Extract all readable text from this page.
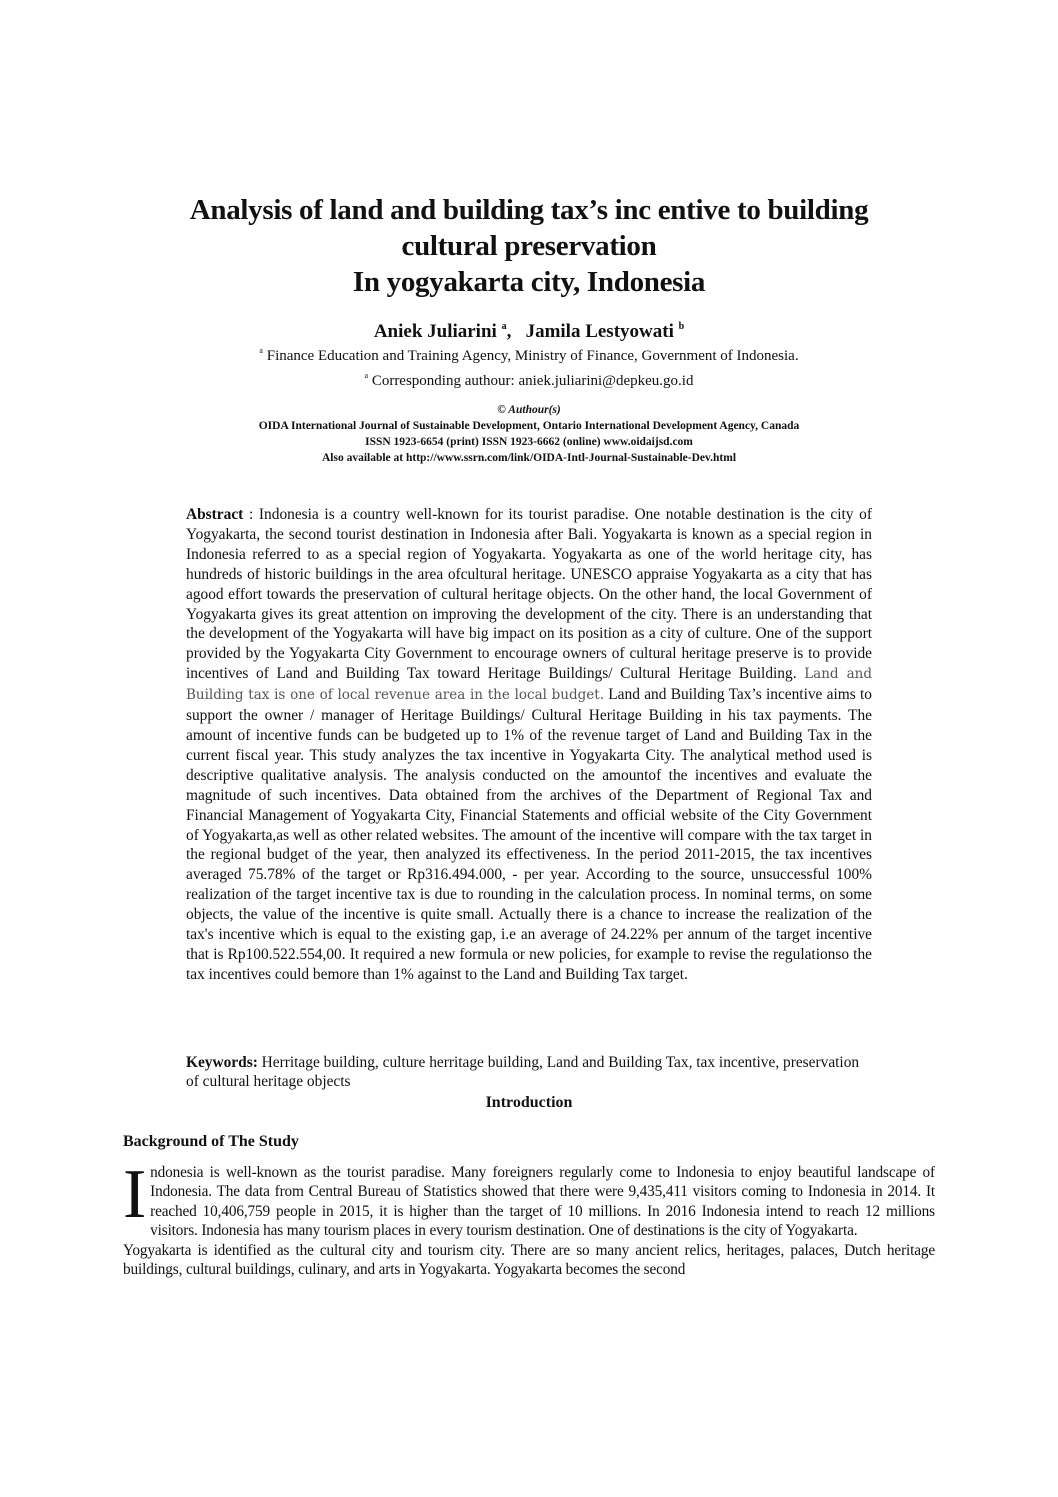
Analysis of land and building tax’s inc entive to building
cultural preservation
In yogyakarta city, Indonesia
Aniek Juliarini $^a$,   Jamila Lestyowati $^b$
$^a$ Finance Education and Training Agency, Ministry of Finance, Government of Indonesia.
$^a$ Corresponding authour: aniek.juliarini@depkeu.go.id
© Authour(s)
OIDA International Journal of Sustainable Development, Ontario International Development Agency, Canada
ISSN 1923-6654 (print) ISSN 1923-6662 (online) www.oidaijsd.com
Also available at http://www.ssrn.com/link/OIDA-Intl-Journal-Sustainable-Dev.html

Abstract : Indonesia is a country well-known for its tourist paradise. One notable destination is the city of Yogyakarta, the second tourist destination in Indonesia after Bali. Yogyakarta is known as a special region in Indonesia referred to as a special region of Yogyakarta. Yogyakarta as one of the world heritage city, has hundreds of historic buildings in the area ofcultural heritage. UNESCO appraise Yogyakarta as a city that has agood effort towards the preservation of cultural heritage objects. On the other hand, the local Government of Yogyakarta gives its great attention on improving the development of the city. There is an understanding that the development of the Yogyakarta will have big impact on its position as a city of culture. One of the support provided by the Yogyakarta City Government to encourage owners of cultural heritage preserve is to provide incentives of Land and Building Tax toward Heritage Buildings/ Cultural Heritage Building. Land and Building tax is one of local revenue area in the local budget. Land and Building Tax’s incentive aims to support the owner / manager of Heritage Buildings/ Cultural Heritage Building in his tax payments. The amount of incentive funds can be budgeted up to 1% of the revenue target of Land and Building Tax in the current fiscal year. This study analyzes the tax incentive in Yogyakarta City. The analytical method used is descriptive qualitative analysis. The analysis conducted on the amountof the incentives and evaluate the magnitude of such incentives. Data obtained from the archives of the Department of Regional Tax and Financial Management of Yogyakarta City, Financial Statements and official website of the City Government of Yogyakarta,as well as other related websites. The amount of the incentive will compare with the tax target in the regional budget of the year, then analyzed its effectiveness. In the period 2011-2015, the tax incentives averaged 75.78% of the target or Rp316.494.000, - per year. According to the source, unsuccessful 100% realization of the target incentive tax is due to rounding in the calculation process. In nominal terms, on some objects, the value of the incentive is quite small. Actually there is a chance to increase the realization of the tax's incentive which is equal to the existing gap, i.e an average of 24.22% per annum of the target incentive that is Rp100.522.554,00. It required a new formula or new policies, for example to revise the regulationso the tax incentives could bemore than 1% against to the Land and Building Tax target.

Keywords: Herritage building, culture herritage building, Land and Building Tax, tax incentive, preservation of cultural heritage objects

Introduction
Background of The Study

Indonesia is well-known as the tourist paradise. Many foreigners regularly come to Indonesia to enjoy beautiful landscape of Indonesia. The data from Central Bureau of Statistics showed that there were 9,435,411 visitors coming to Indonesia in 2014. It reached 10,406,759 people in 2015, it is higher than the target of 10 millions. In 2016 Indonesia intend to reach 12 millions visitors. Indonesia has many tourism places in every tourism destination. One of destinations is the city of Yogyakarta.

Yogyakarta is identified as the cultural city and tourism city. There are so many ancient relics, heritages, palaces, Dutch heritage buildings, cultural buildings, culinary, and arts in Yogyakarta. Yogyakarta becomes the second
